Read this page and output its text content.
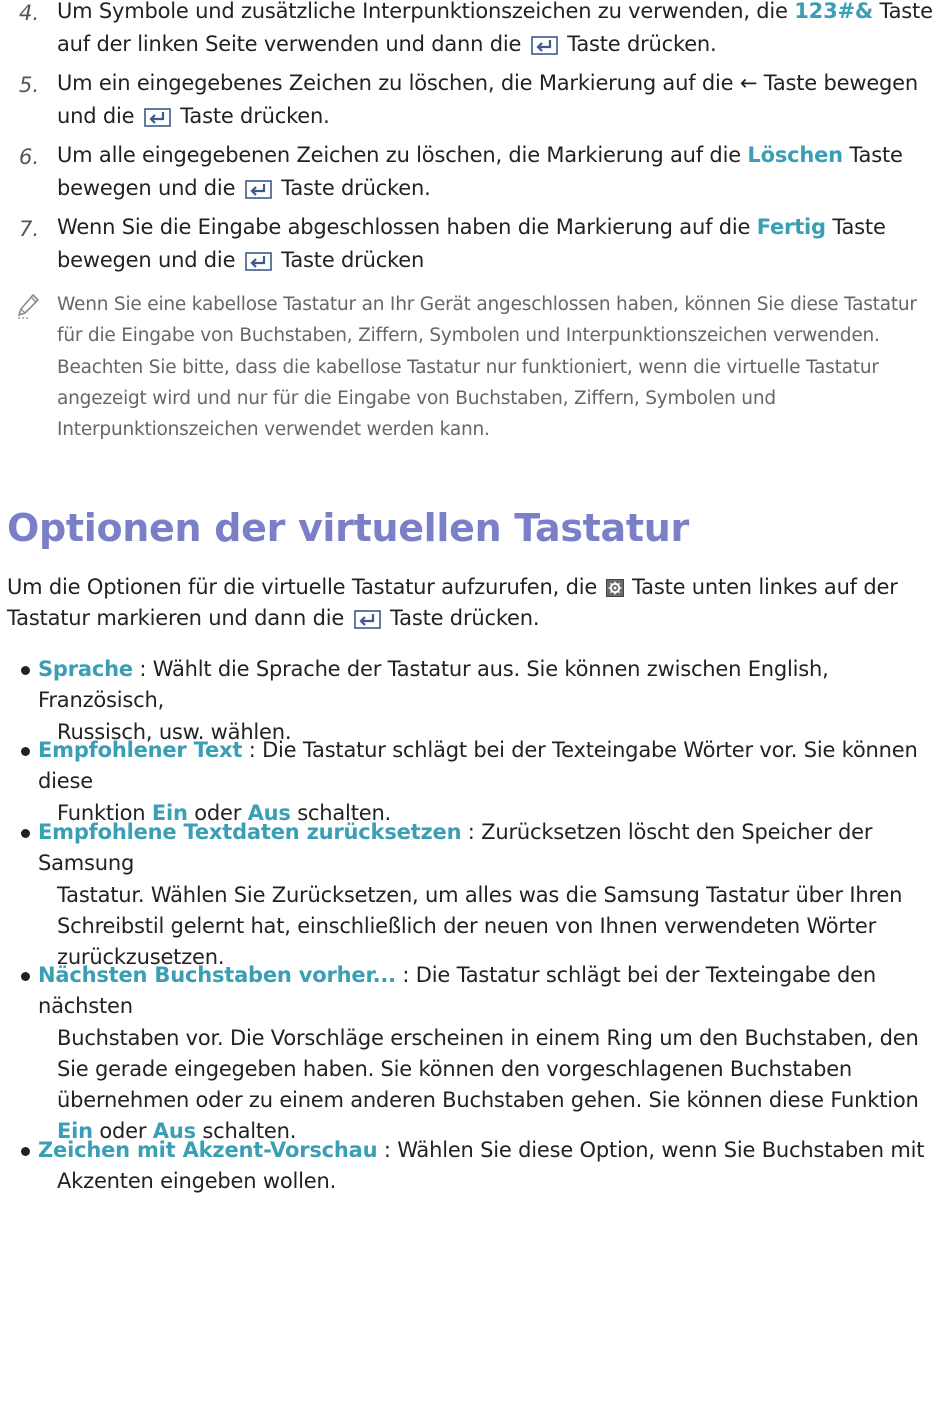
4. Um Symbole und zusätzliche Interpunktionszeichen zu verwenden, die 123#& Taste auf der linken Seite verwenden und dann die  Taste drücken.
5. Um ein eingegebenes Zeichen zu löschen, die Markierung auf die ← Taste bewegen und die  Taste drücken.
6. Um alle eingegebenen Zeichen zu löschen, die Markierung auf die Löschen Taste bewegen und die  Taste drücken.
7. Wenn Sie die Eingabe abgeschlossen haben die Markierung auf die Fertig Taste bewegen und die  Taste drücken
Wenn Sie eine kabellose Tastatur an Ihr Gerät angeschlossen haben, können Sie diese Tastatur für die Eingabe von Buchstaben, Ziffern, Symbolen und Interpunktionszeichen verwenden. Beachten Sie bitte, dass die kabellose Tastatur nur funktioniert, wenn die virtuelle Tastatur angezeigt wird und nur für die Eingabe von Buchstaben, Ziffern, Symbolen und Interpunktionszeichen verwendet werden kann.
Optionen der virtuellen Tastatur
Um die Optionen für die virtuelle Tastatur aufzurufen, die  Taste unten linkes auf der Tastatur markieren und dann die  Taste drücken.
Sprache : Wählt die Sprache der Tastatur aus. Sie können zwischen English, Französisch,
Russisch, usw. wählen.
Empfohlener Text : Die Tastatur schlägt bei der Texteingabe Wörter vor. Sie können diese
Funktion Ein oder Aus schalten.
Empfohlene Textdaten zurücksetzen : Zurücksetzen löscht den Speicher der Samsung
Tastatur. Wählen Sie Zurücksetzen, um alles was die Samsung Tastatur über Ihren Schreibstil gelernt hat, einschließlich der neuen von Ihnen verwendeten Wörter zurückzusetzen.
Nächsten Buchstaben vorher... : Die Tastatur schlägt bei der Texteingabe den nächsten
Buchstaben vor. Die Vorschläge erscheinen in einem Ring um den Buchstaben, den Sie gerade eingegeben haben. Sie können den vorgeschlagenen Buchstaben übernehmen oder zu einem anderen Buchstaben gehen. Sie können diese Funktion Ein oder Aus schalten.
Zeichen mit Akzent-Vorschau : Wählen Sie diese Option, wenn Sie Buchstaben mit
Akzenten eingeben wollen.
